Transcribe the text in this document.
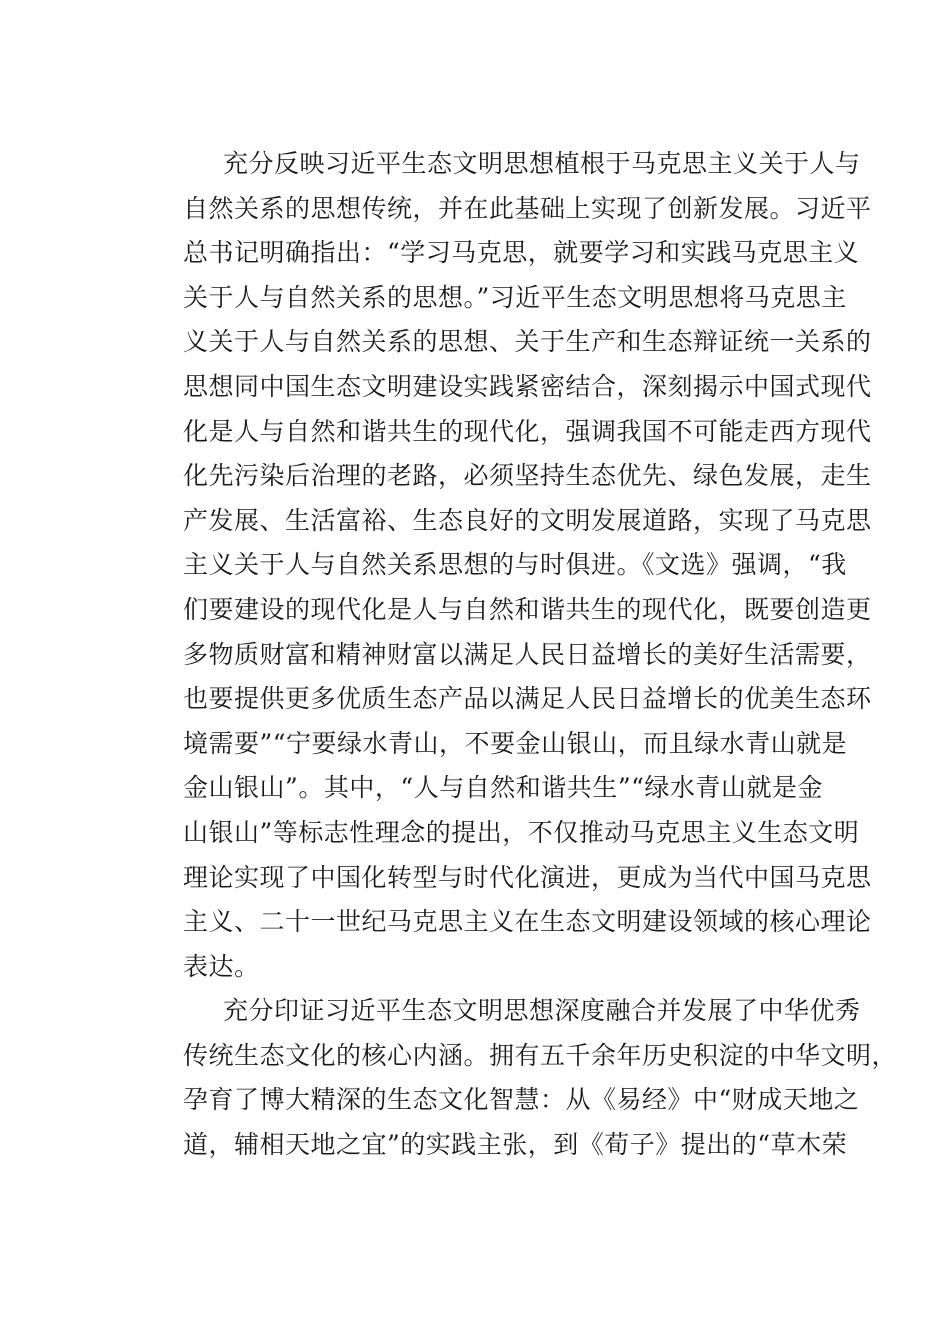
充分反映习近平生态文明思想植根于马克思主义关于人与
自然关系的思想传统，并在此基础上实现了创新发展。习近平
总书记明确指出：“学习马克思，就要学习和实践马克思主义
关于人与自然关系的思想。”习近平生态文明思想将马克思主
义关于人与自然关系的思想、关于生产和生态辩证统一关系的
思想同中国生态文明建设实践紧密结合，深刻揭示中国式现代
化是人与自然和谐共生的现代化，强调我国不可能走西方现代
化先污染后治理的老路，必须坚持生态优先、绿色发展，走生
产发展、生活富裕、生态良好的文明发展道路，实现了马克思
主义关于人与自然关系思想的与时俱进。《文选》强调，“我
们要建设的现代化是人与自然和谐共生的现代化，既要创造更
多物质财富和精神财富以满足人民日益增长的美好生活需要，
也要提供更多优质生态产品以满足人民日益增长的优美生态环
境需要”“宁要绿水青山，不要金山银山，而且绿水青山就是
金山银山”。其中，“人与自然和谐共生”“绿水青山就是金
山银山”等标志性理念的提出，不仅推动马克思主义生态文明
理论实现了中国化转型与时代化演进，更成为当代中国马克思
主义、二十一世纪马克思主义在生态文明建设领域的核心理论
表达。

充分印证习近平生态文明思想深度融合并发展了中华优秀
传统生态文化的核心内涵。拥有五千余年历史积淀的中华文明，
孕育了博大精深的生态文化智慧：从《易经》中“财成天地之
道，辅相天地之宜”的实践主张，到《荀子》提出的“草木荣
